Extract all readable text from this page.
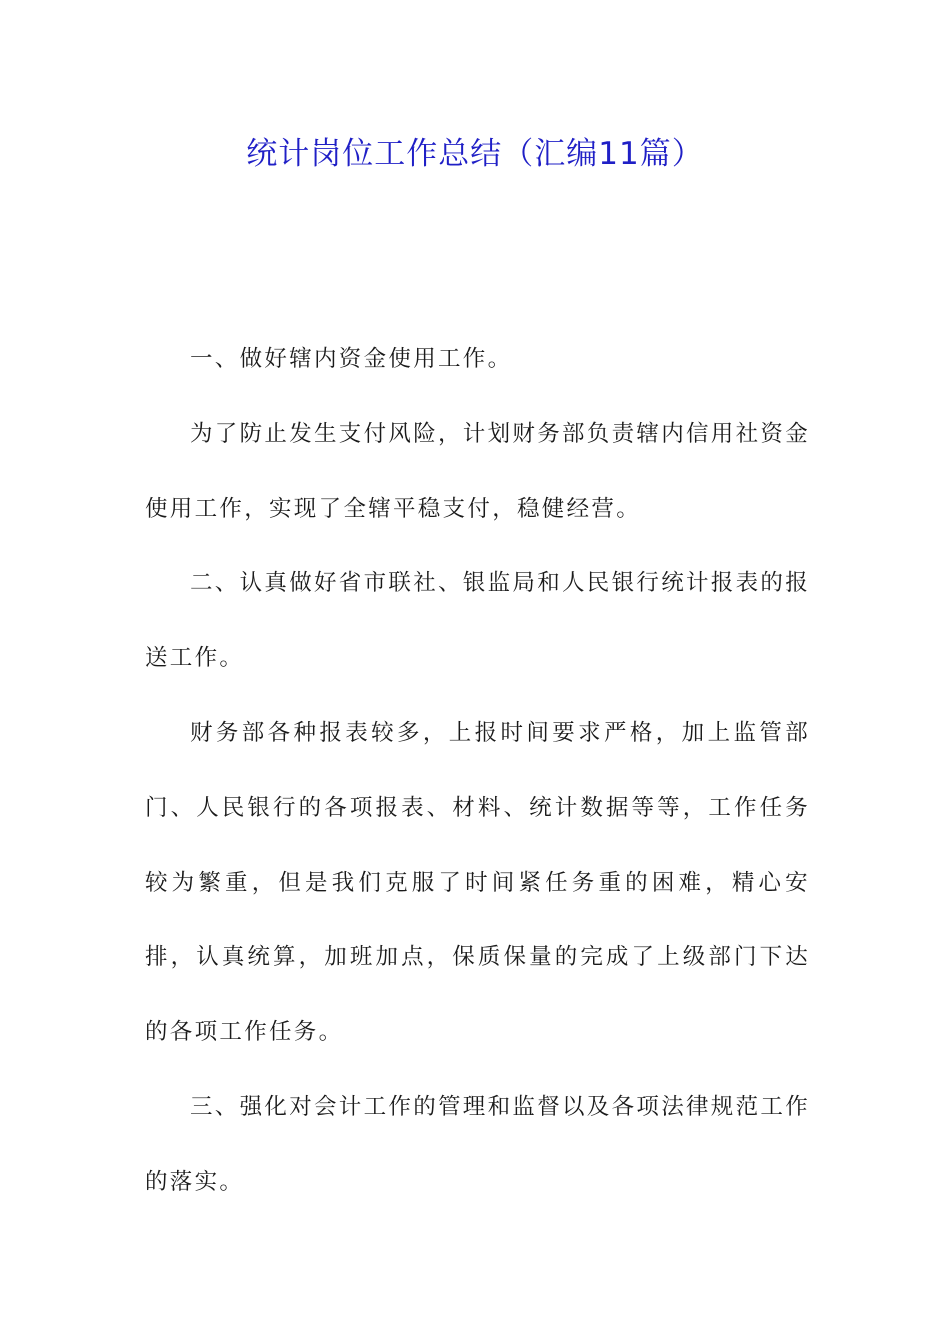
统计岗位工作总结（汇编11篇）

一、做好辖内资金使用工作。

为了防止发生支付风险，计划财务部负责辖内信用社资金使用工作，实现了全辖平稳支付，稳健经营。

二、认真做好省市联社、银监局和人民银行统计报表的报送工作。

财务部各种报表较多，上报时间要求严格，加上监管部门、人民银行的各项报表、材料、统计数据等等，工作任务较为繁重，但是我们克服了时间紧任务重的困难，精心安排，认真统算，加班加点，保质保量的完成了上级部门下达的各项工作任务。

三、强化对会计工作的管理和监督以及各项法律规范工作的落实。
